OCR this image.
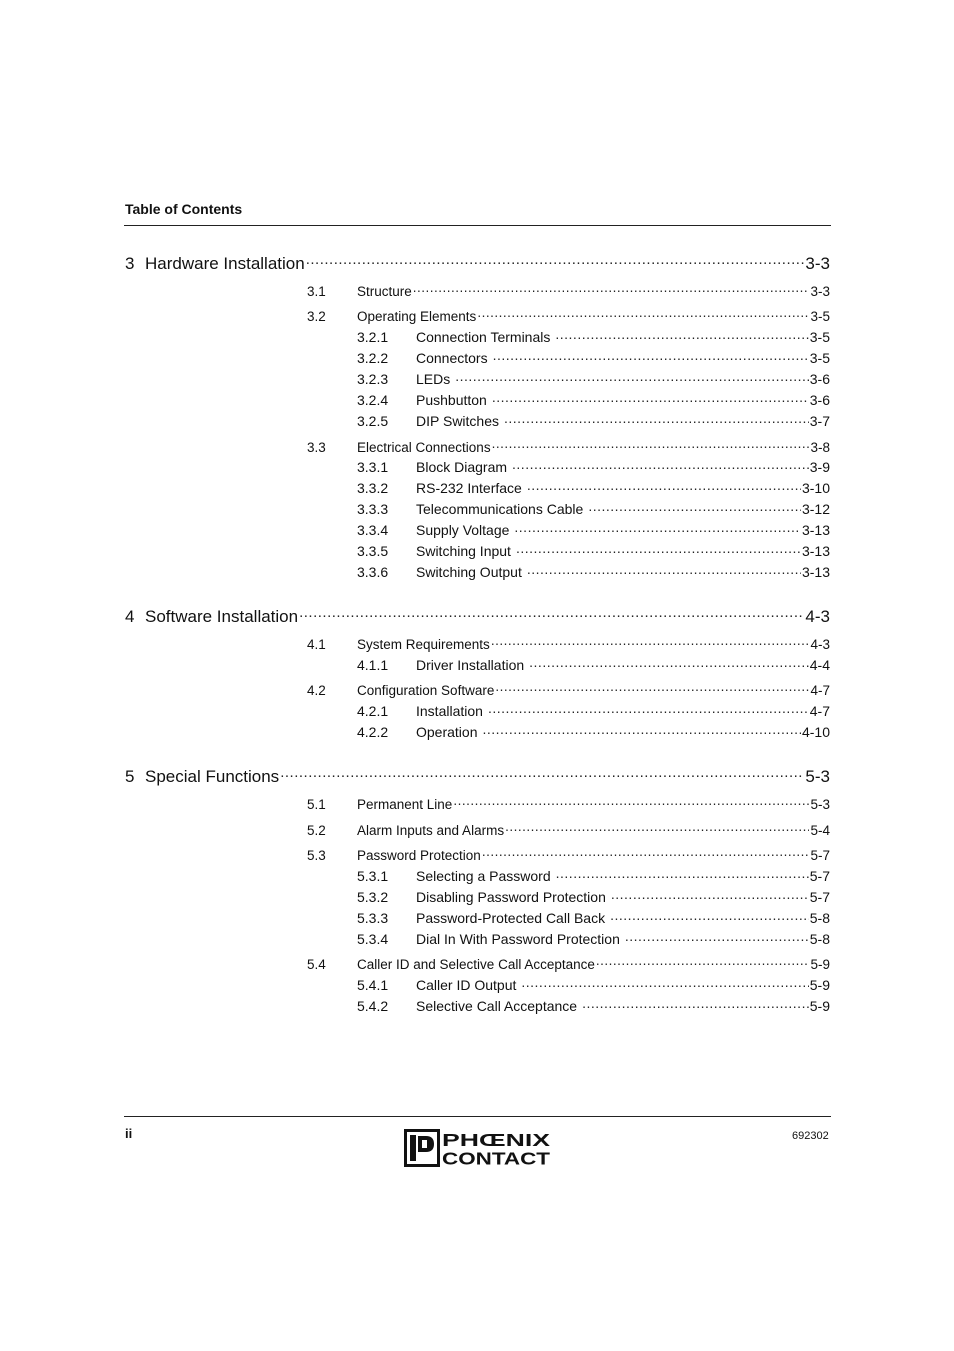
Table of Contents
3 Hardware Installation .....	3-3
3.1	Structure .....	3-3
3.2	Operating Elements .....	3-5
3.2.1	Connection Terminals .....	3-5
3.2.2	Connectors .....	3-5
3.2.3	LEDs .....	3-6
3.2.4	Pushbutton .....	3-6
3.2.5	DIP Switches .....	3-7
3.3	Electrical Connections .....	3-8
3.3.1	Block Diagram .....	3-9
3.3.2	RS-232 Interface .....	3-10
3.3.3	Telecommunications Cable .....	3-12
3.3.4	Supply Voltage .....	3-13
3.3.5	Switching Input .....	3-13
3.3.6	Switching Output .....	3-13
4 Software Installation .....	4-3
4.1	System Requirements .....	4-3
4.1.1	Driver Installation .....	4-4
4.2	Configuration Software .....	4-7
4.2.1	Installation .....	4-7
4.2.2	Operation .....	4-10
5 Special Functions .....	5-3
5.1	Permanent Line .....	5-3
5.2	Alarm Inputs and Alarms .....	5-4
5.3	Password Protection .....	5-7
5.3.1	Selecting a Password .....	5-7
5.3.2	Disabling Password Protection .....	5-7
5.3.3	Password-Protected Call Back .....	5-8
5.3.4	Dial In With Password Protection .....	5-8
5.4	Caller ID and Selective Call Acceptance .....	5-9
5.4.1	Caller ID Output .....	5-9
5.4.2	Selective Call Acceptance .....	5-9
ii	PHŒNIX
CONTACT
692302
